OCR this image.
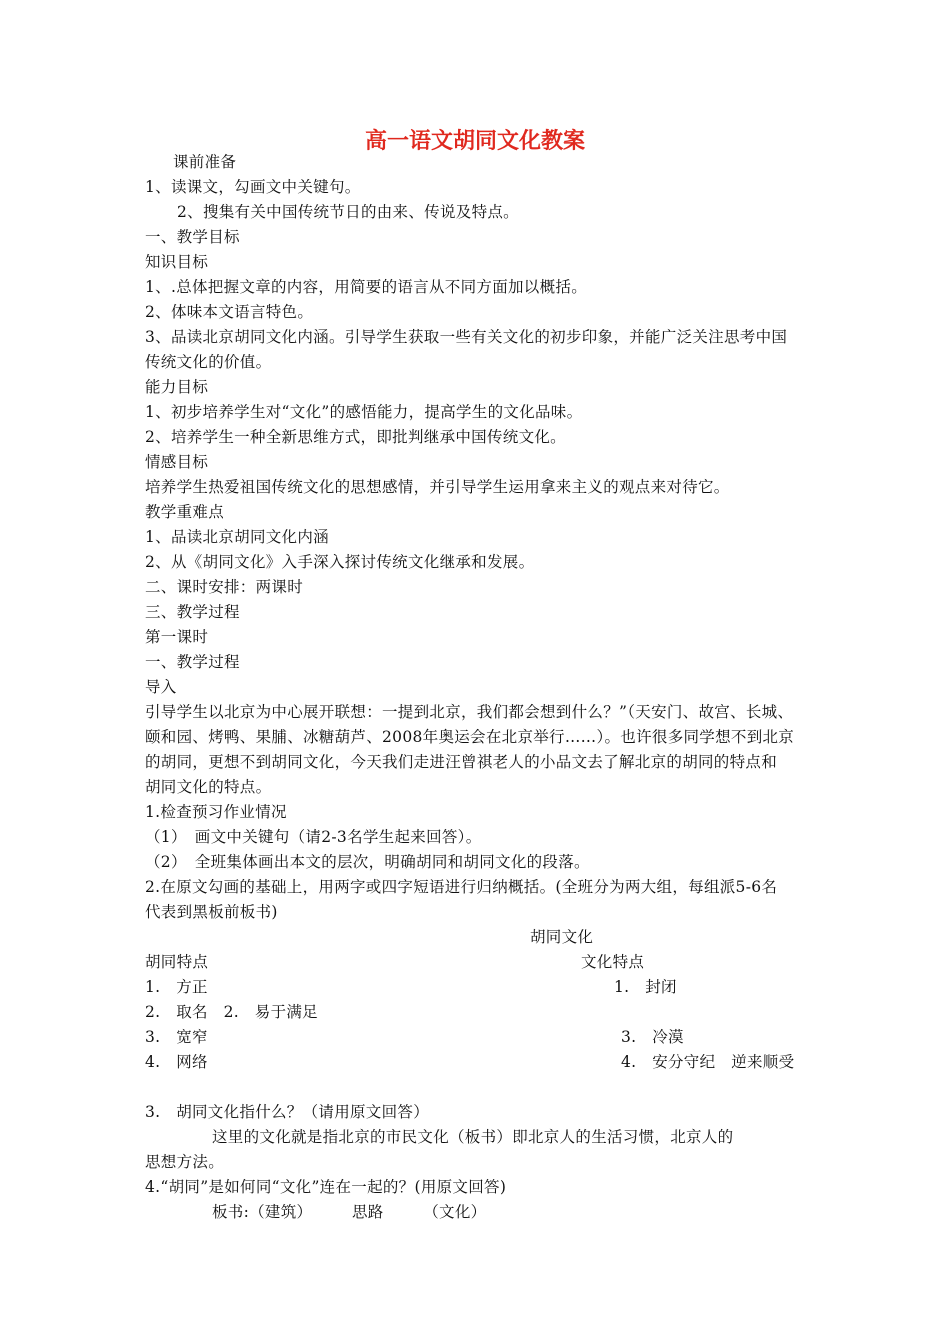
高一语文胡同文化教案
课前准备
1、读课文，勾画文中关键句。
2、搜集有关中国传统节日的由来、传说及特点。
一、教学目标
知识目标
1、.总体把握文章的内容，用简要的语言从不同方面加以概括。
2、体味本文语言特色。
3、品读北京胡同文化内涵。引导学生获取一些有关文化的初步印象，并能广泛关注思考中国
传统文化的价值。
能力目标
1、初步培养学生对“文化”的感悟能力，提高学生的文化品味。
2、培养学生一种全新思维方式，即批判继承中国传统文化。
情感目标
培养学生热爱祖国传统文化的思想感情，并引导学生运用拿来主义的观点来对待它。
教学重难点
1、品读北京胡同文化内涵
2、从《胡同文化》入手深入探讨传统文化继承和发展。
二、课时安排：两课时
三、教学过程
第一课时
一、教学过程
导入
引导学生以北京为中心展开联想：一提到北京，我们都会想到什么？”（天安门、故宫、长城、
颐和园、烤鸭、果脯、冰糖葫芦、2008年奥运会在北京举行……）。也许很多同学想不到北京
的胡同，更想不到胡同文化，今天我们走进汪曾祺老人的小品文去了解北京的胡同的特点和
胡同文化的特点。
1.检查预习作业情况
（1）　画文中关键句（请2-3名学生起来回答）。
（2）　全班集体画出本文的层次，明确胡同和胡同文化的段落。
2.在原文勾画的基础上，用两字或四字短语进行归纳概括。(全班分为两大组，每组派5-6名
代表到黑板前板书)
胡同文化
胡同特点	文化特点
1.　方正	1.　封闭
2.　取名　2.　易于满足
3.　宽窄	3.　冷漠
4.　网络	4.　安分守纪　逆来顺受
3.　胡同文化指什么？（请用原文回答）
这里的文化就是指北京的市民文化（板书）即北京人的生活习惯，北京人的
思想方法。
4.“胡同”是如何同“文化”连在一起的？(用原文回答)
板书:（建筑）　　　思路　　　（文化）
